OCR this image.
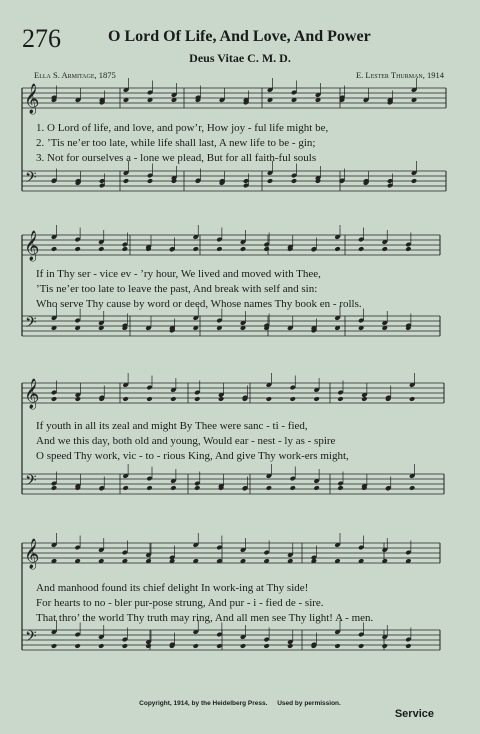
276	O Lord Of Life, And Love, And Power
Deus Vitae C. M. D.
Ella S. Armitage, 1875	E. Lester Thurman, 1914
𝄞
𝄢
𝄞
𝄢
𝄞
𝄢
𝄞
𝄢
1. O Lord of life, and love, and pow’r, How joy - ful life might be,
2. ’Tis ne’er too late, while life shall last, A new life to be - gin;
3. Not for ourselves a - lone we plead, But for all faith-ful souls
If in Thy ser - vice ev - ’ry hour, We lived and moved with Thee,
’Tis ne’er too late to leave the past, And break with self and sin:
Who serve Thy cause by word or deed, Whose names Thy book en - rolls.
If youth in all its zeal and might By Thee were sanc - ti - fied,
And we this day, both old and young, Would ear - nest - ly as - spire
O speed Thy work, vic - to - rious King, And give Thy work-ers might,
And manhood found its chief delight In work-ing at Thy side!
For hearts to no - bler pur-pose strung, And pur - i - fied de - sire.
That thro’ the world Thy truth may ring, And all men see Thy light! A - men.
Copyright, 1914, by the Heidelberg Press. Used by permission.
Service
